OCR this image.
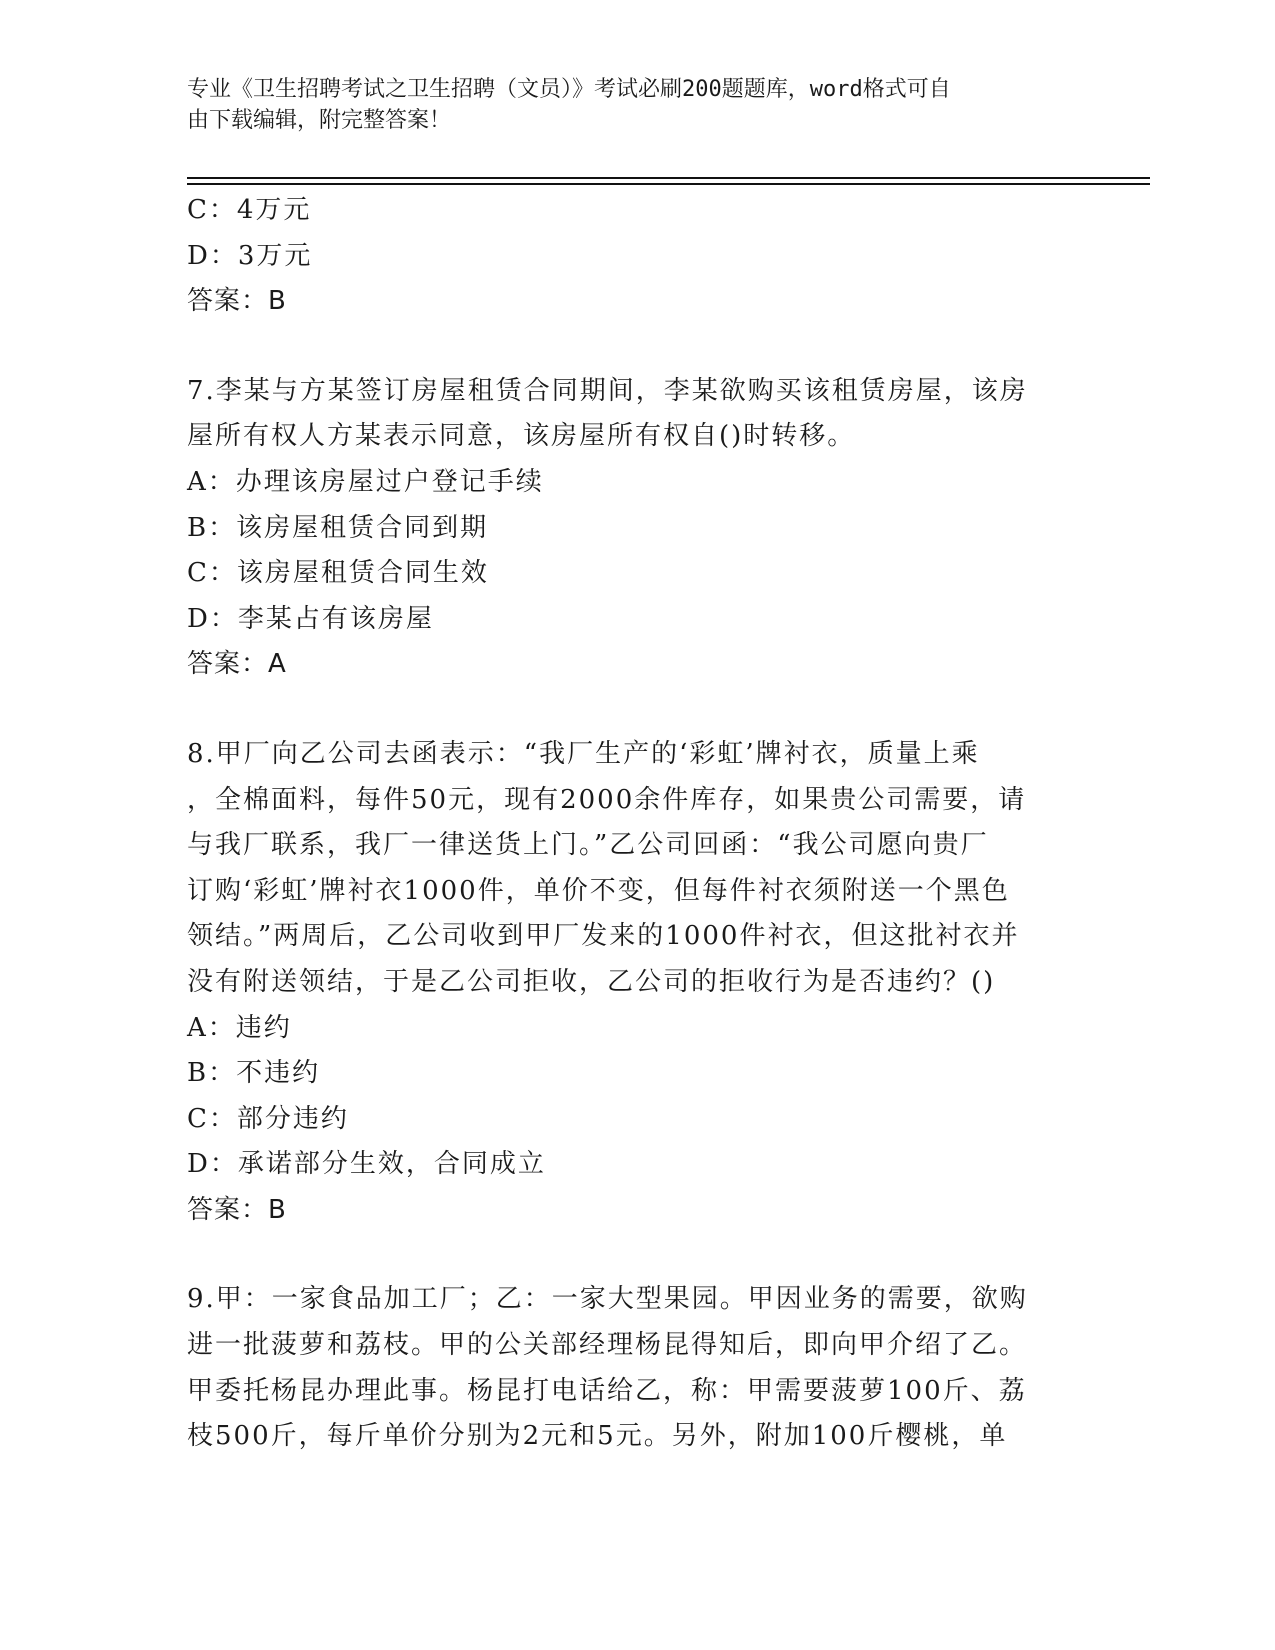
专业《卫生招聘考试之卫生招聘（文员）》考试必刷200题题库，word格式可自
由下载编辑，附完整答案！
C：4万元
D：3万元
答案：B
7.李某与方某签订房屋租赁合同期间，李某欲购买该租赁房屋，该房
屋所有权人方某表示同意，该房屋所有权自()时转移。
A：办理该房屋过户登记手续
B：该房屋租赁合同到期
C：该房屋租赁合同生效
D：李某占有该房屋
答案：A
8.甲厂向乙公司去函表示：“我厂生产的‘彩虹’牌衬衣，质量上乘
，全棉面料，每件50元，现有2000余件库存，如果贵公司需要，请
与我厂联系，我厂一律送货上门。”乙公司回函：“我公司愿向贵厂
订购‘彩虹’牌衬衣1000件，单价不变，但每件衬衣须附送一个黑色
领结。”两周后，乙公司收到甲厂发来的1000件衬衣，但这批衬衣并
没有附送领结，于是乙公司拒收，乙公司的拒收行为是否违约？()
A：违约
B：不违约
C：部分违约
D：承诺部分生效，合同成立
答案：B
9.甲：一家食品加工厂；乙：一家大型果园。甲因业务的需要，欲购
进一批菠萝和荔枝。甲的公关部经理杨昆得知后，即向甲介绍了乙。
甲委托杨昆办理此事。杨昆打电话给乙，称：甲需要菠萝100斤、荔
枝500斤，每斤单价分别为2元和5元。另外，附加100斤樱桃，单
